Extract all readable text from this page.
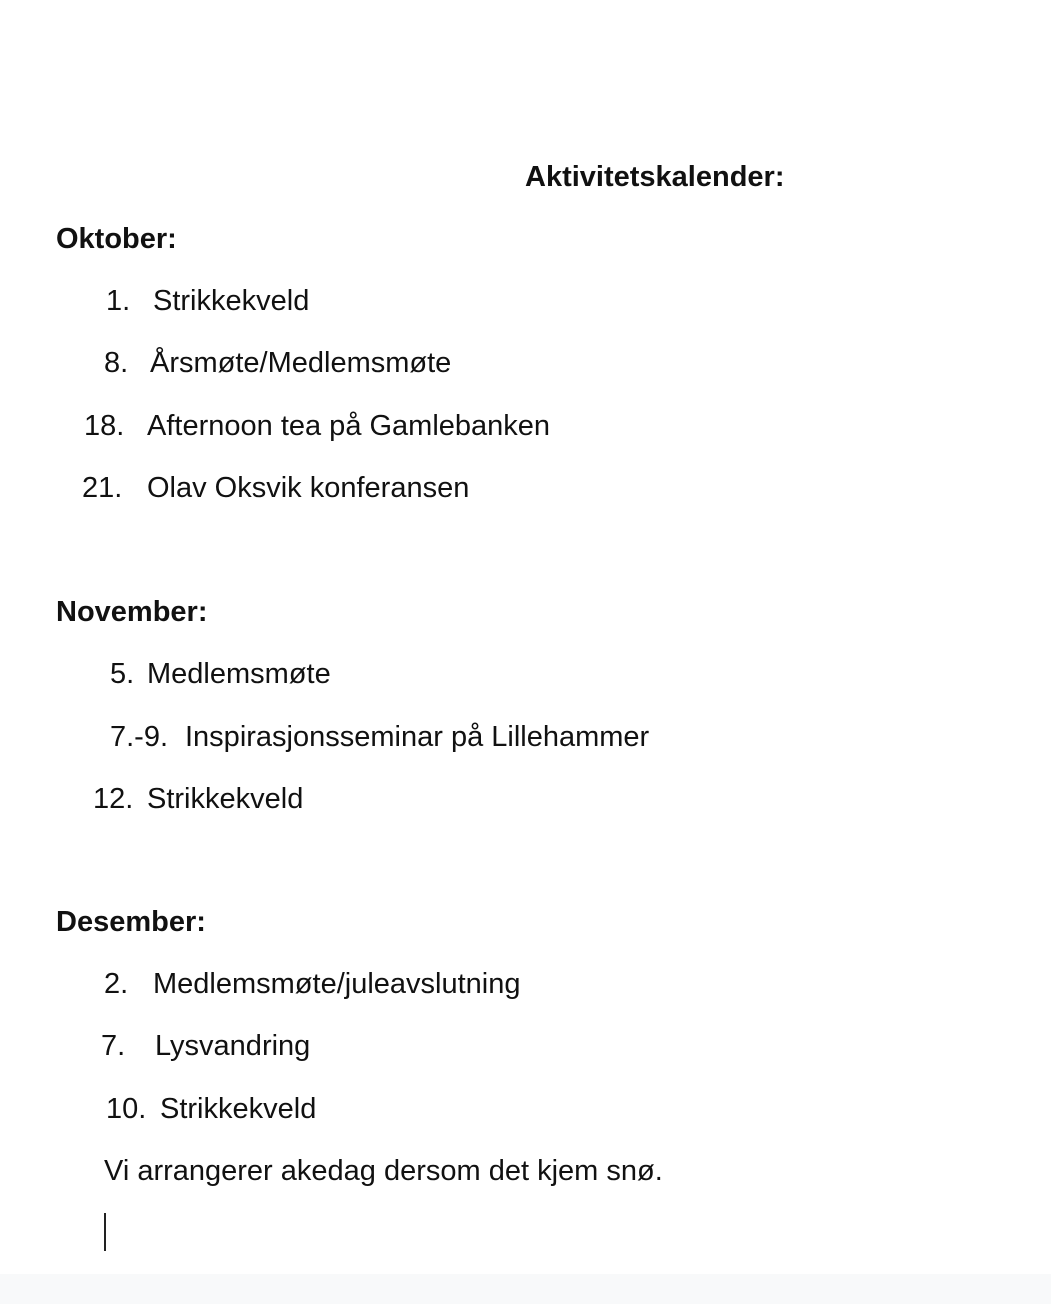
Aktivitetskalender:
Oktober:
1. Strikkekveld
8. Årsmøte/Medlemsmøte
18. Afternoon tea på Gamlebanken
21. Olav Oksvik konferansen
November:
5. Medlemsmøte
7.-9. Inspirasjonsseminar på Lillehammer
12. Strikkekveld
Desember:
2. Medlemsmøte/juleavslutning
7. Lysvandring
10. Strikkekveld
Vi arrangerer akedag dersom det kjem snø.
